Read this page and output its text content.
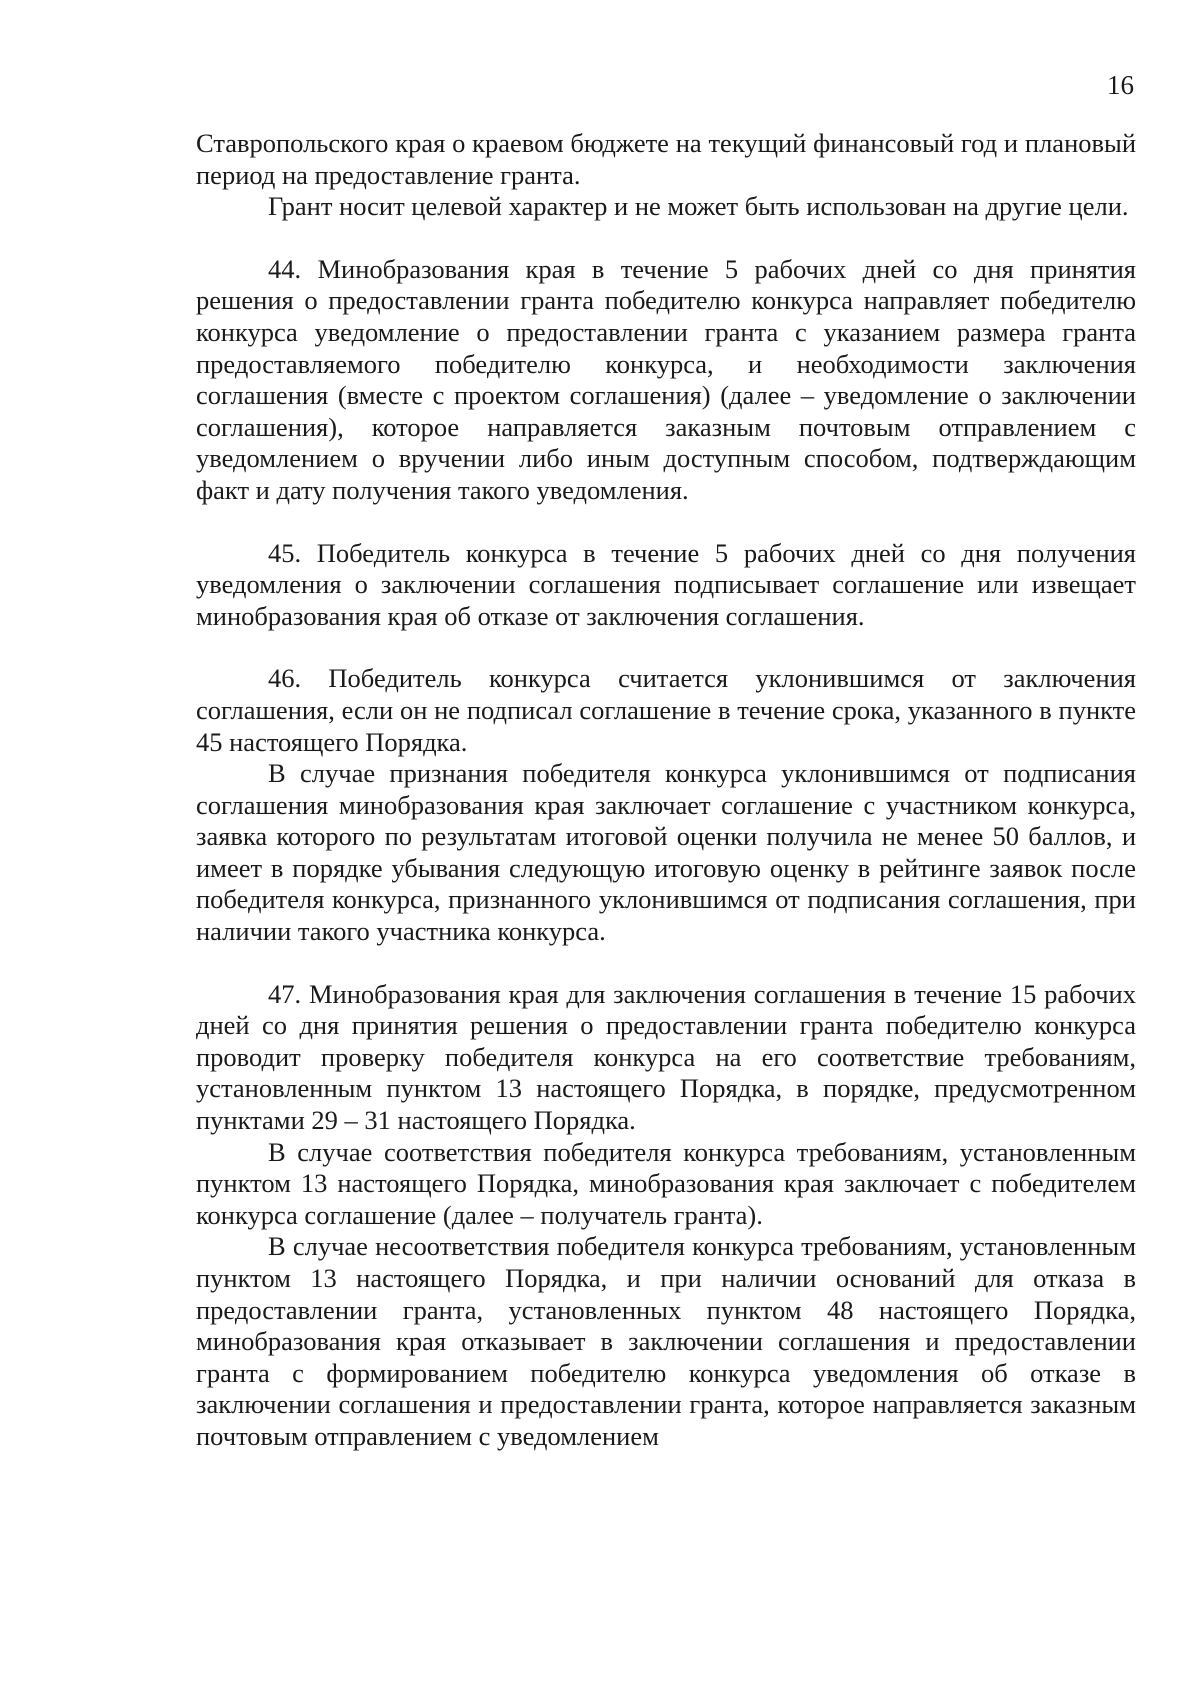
16

Ставропольского края о краевом бюджете на текущий финансовый год и плановый период на предоставление гранта.

Грант носит целевой характер и не может быть использован на другие цели.

44. Минобразования края в течение 5 рабочих дней со дня принятия решения о предоставлении гранта победителю конкурса направляет победителю конкурса уведомление о предоставлении гранта с указанием размера гранта предоставляемого победителю конкурса, и необходимости заключения соглашения (вместе с проектом соглашения) (далее – уведомление о заключении соглашения), которое направляется заказным почтовым отправлением с уведомлением о вручении либо иным доступным способом, подтверждающим факт и дату получения такого уведомления.

45. Победитель конкурса в течение 5 рабочих дней со дня получения уведомления о заключении соглашения подписывает соглашение или извещает минобразования края об отказе от заключения соглашения.

46. Победитель конкурса считается уклонившимся от заключения соглашения, если он не подписал соглашение в течение срока, указанного в пункте 45 настоящего Порядка.

В случае признания победителя конкурса уклонившимся от подписания соглашения минобразования края заключает соглашение с участником конкурса, заявка которого по результатам итоговой оценки получила не менее 50 баллов, и имеет в порядке убывания следующую итоговую оценку в рейтинге заявок после победителя конкурса, признанного уклонившимся от подписания соглашения, при наличии такого участника конкурса.

47. Минобразования края для заключения соглашения в течение 15 рабочих дней со дня принятия решения о предоставлении гранта победителю конкурса проводит проверку победителя конкурса на его соответствие требованиям, установленным пунктом 13 настоящего Порядка, в порядке, предусмотренном пунктами 29 – 31 настоящего Порядка.

В случае соответствия победителя конкурса требованиям, установленным пунктом 13 настоящего Порядка, минобразования края заключает с победителем конкурса соглашение (далее – получатель гранта).

В случае несоответствия победителя конкурса требованиям, установленным пунктом 13 настоящего Порядка, и при наличии оснований для отказа в предоставлении гранта, установленных пунктом 48 настоящего Порядка, минобразования края отказывает в заключении соглашения и предоставлении гранта с формированием победителю конкурса уведомления об отказе в заключении соглашения и предоставлении гранта, которое направляется заказным почтовым отправлением с уведомлением
